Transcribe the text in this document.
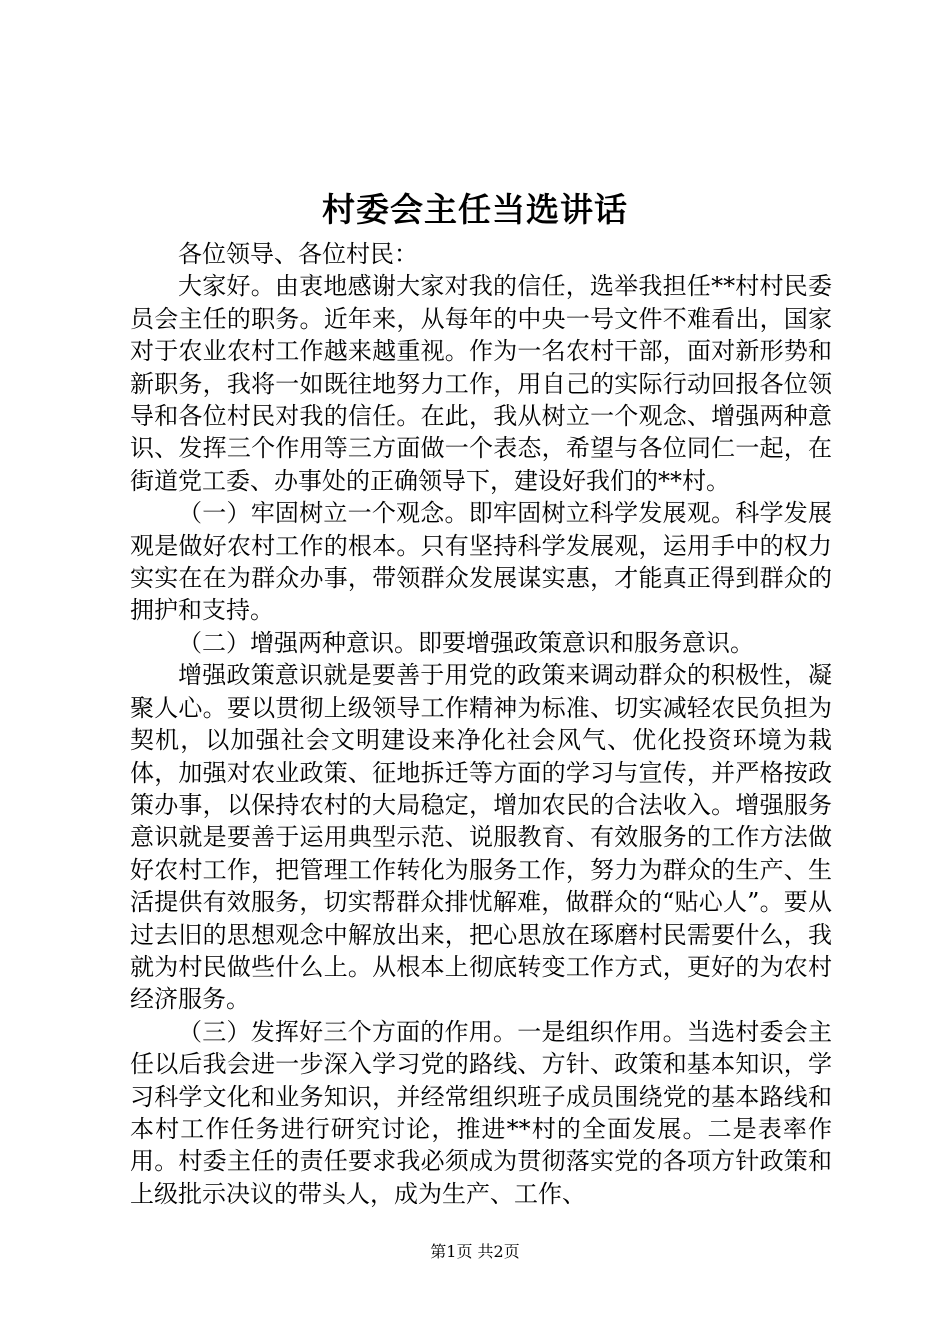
村委会主任当选讲话

各位领导、各位村民：

大家好。由衷地感谢大家对我的信任，选举我担任**村村民委员会主任的职务。近年来，从每年的中央一号文件不难看出，国家对于农业农村工作越来越重视。作为一名农村干部，面对新形势和新职务，我将一如既往地努力工作，用自己的实际行动回报各位领导和各位村民对我的信任。在此，我从树立一个观念、增强两种意识、发挥三个作用等三方面做一个表态，希望与各位同仁一起，在街道党工委、办事处的正确领导下，建设好我们的**村。

（一）牢固树立一个观念。即牢固树立科学发展观。科学发展观是做好农村工作的根本。只有坚持科学发展观，运用手中的权力实实在在为群众办事，带领群众发展谋实惠，才能真正得到群众的拥护和支持。

（二）增强两种意识。即要增强政策意识和服务意识。

增强政策意识就是要善于用党的政策来调动群众的积极性，凝聚人心。要以贯彻上级领导工作精神为标准、切实减轻农民负担为契机，以加强社会文明建设来净化社会风气、优化投资环境为栽体，加强对农业政策、征地拆迁等方面的学习与宣传，并严格按政策办事，以保持农村的大局稳定，增加农民的合法收入。增强服务意识就是要善于运用典型示范、说服教育、有效服务的工作方法做好农村工作，把管理工作转化为服务工作，努力为群众的生产、生活提供有效服务，切实帮群众排忧解难，做群众的“贴心人”。要从过去旧的思想观念中解放出来，把心思放在琢磨村民需要什么，我就为村民做些什么上。从根本上彻底转变工作方式，更好的为农村经济服务。

（三）发挥好三个方面的作用。一是组织作用。当选村委会主任以后我会进一步深入学习党的路线、方针、政策和基本知识，学习科学文化和业务知识，并经常组织班子成员围绕党的基本路线和本村工作任务进行研究讨论，推进**村的全面发展。二是表率作用。村委主任的责任要求我必须成为贯彻落实党的各项方针政策和上级批示决议的带头人，成为生产、工作、

第1页 共2页
